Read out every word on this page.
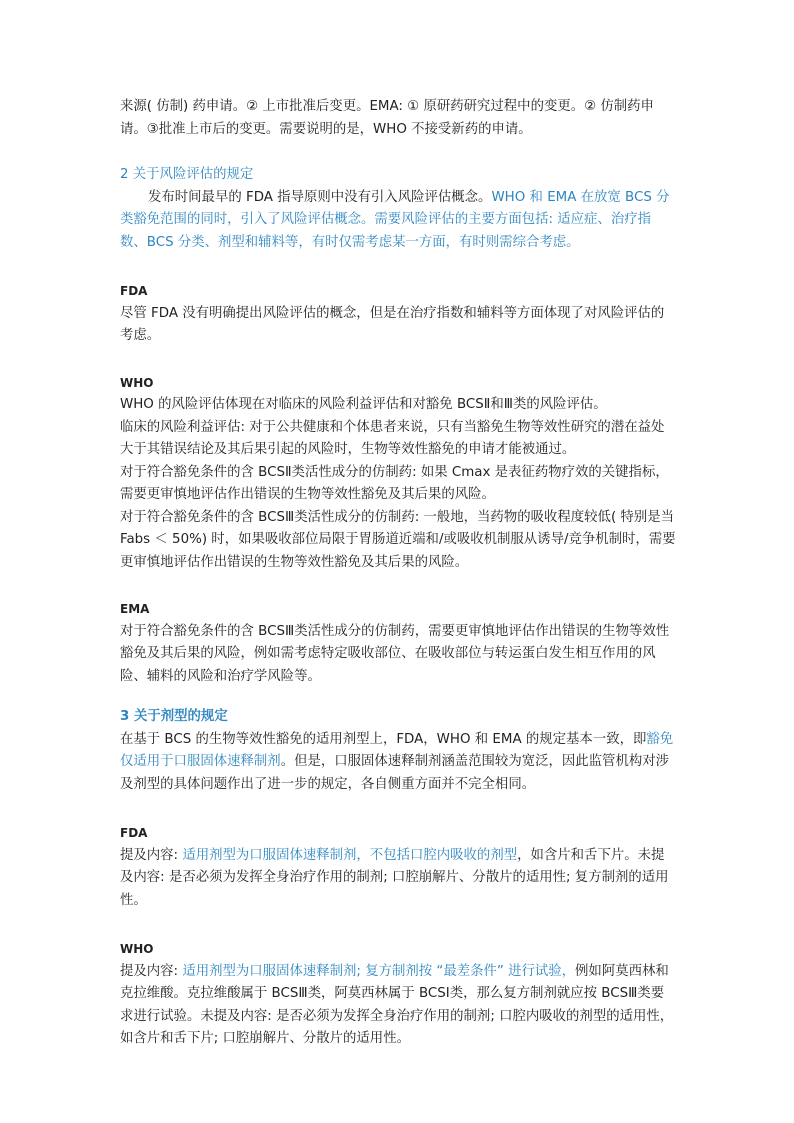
来源( 仿制) 药申请。② 上市批准后变更。EMA: ① 原研药研究过程中的变更。② 仿制药申请。③批准上市后的变更。需要说明的是，WHO 不接受新药的申请。

2 关于风险评估的规定

发布时间最早的 FDA 指导原则中没有引入风险评估概念。WHO 和 EMA 在放宽 BCS 分类豁免范围的同时，引入了风险评估概念。需要风险评估的主要方面包括: 适应症、治疗指数、BCS 分类、剂型和辅料等，有时仅需考虑某一方面，有时则需综合考虑。

FDA

尽管 FDA 没有明确提出风险评估的概念，但是在治疗指数和辅料等方面体现了对风险评估的考虑。

WHO

WHO 的风险评估体现在对临床的风险利益评估和对豁免 BCSⅡ和Ⅲ类的风险评估。

临床的风险利益评估: 对于公共健康和个体患者来说，只有当豁免生物等效性研究的潜在益处大于其错误结论及其后果引起的风险时，生物等效性豁免的申请才能被通过。

对于符合豁免条件的含 BCSⅡ类活性成分的仿制药: 如果 Cmax 是表征药物疗效的关键指标，需要更审慎地评估作出错误的生物等效性豁免及其后果的风险。

对于符合豁免条件的含 BCSⅢ类活性成分的仿制药: 一般地，当药物的吸收程度较低( 特别是当 Fabs ＜ 50%) 时，如果吸收部位局限于胃肠道近端和/或吸收机制服从诱导/竞争机制时，需要更审慎地评估作出错误的生物等效性豁免及其后果的风险。

EMA

对于符合豁免条件的含 BCSⅢ类活性成分的仿制药，需要更审慎地评估作出错误的生物等效性豁免及其后果的风险，例如需考虑特定吸收部位、在吸收部位与转运蛋白发生相互作用的风险、辅料的风险和治疗学风险等。

3 关于剂型的规定

在基于 BCS 的生物等效性豁免的适用剂型上，FDA，WHO 和 EMA 的规定基本一致，即豁免仅适用于口服固体速释制剂。但是，口服固体速释制剂涵盖范围较为宽泛，因此监管机构对涉及剂型的具体问题作出了进一步的规定，各自侧重方面并不完全相同。

FDA

提及内容: 适用剂型为口服固体速释制剂，不包括口腔内吸收的剂型，如含片和舌下片。未提及内容: 是否必须为发挥全身治疗作用的制剂; 口腔崩解片、分散片的适用性; 复方制剂的适用性。

WHO

提及内容: 适用剂型为口服固体速释制剂; 复方制剂按 “最差条件” 进行试验，例如阿莫西林和克拉维酸。克拉维酸属于 BCSⅢ类，阿莫西林属于 BCSⅠ类，那么复方制剂就应按 BCSⅢ类要求进行试验。未提及内容: 是否必须为发挥全身治疗作用的制剂; 口腔内吸收的剂型的适用性，如含片和舌下片; 口腔崩解片、分散片的适用性。
